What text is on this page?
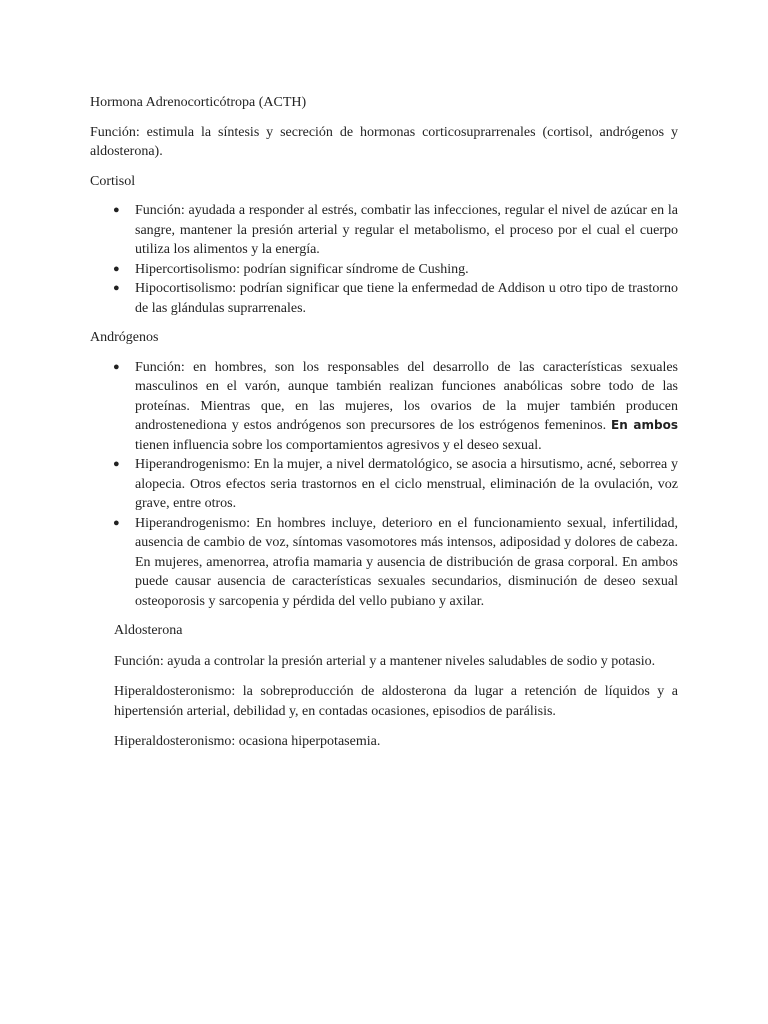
Hormona Adrenocorticótropa (ACTH)

Función: estimula la síntesis y secreción de hormonas corticosuprarrenales (cortisol, andrógenos y aldosterona).

Cortisol

● Función: ayudada a responder al estrés, combatir las infecciones, regular el nivel de azúcar en la sangre, mantener la presión arterial y regular el metabolismo, el proceso por el cual el cuerpo utiliza los alimentos y la energía.
● Hipercortisolismo: podrían significar síndrome de Cushing.
● Hipocortisolismo: podrían significar que tiene la enfermedad de Addison u otro tipo de trastorno de las glándulas suprarrenales.

Andrógenos

● Función: en hombres, son los responsables del desarrollo de las características sexuales masculinos en el varón, aunque también realizan funciones anabólicas sobre todo de las proteínas. Mientras que, en las mujeres, los ovarios de la mujer también producen androstenediona y estos andrógenos son precursores de los estrógenos femeninos. En ambos tienen influencia sobre los comportamientos agresivos y el deseo sexual.
● Hiperandrogenismo: En la mujer, a nivel dermatológico, se asocia a hirsutismo, acné, seborrea y alopecia. Otros efectos seria trastornos en el ciclo menstrual, eliminación de la ovulación, voz grave, entre otros.
● Hiperandrogenismo: En hombres incluye, deterioro en el funcionamiento sexual, infertilidad, ausencia de cambio de voz, síntomas vasomotores más intensos, adiposidad y dolores de cabeza. En mujeres, amenorrea, atrofia mamaria y ausencia de distribución de grasa corporal. En ambos puede causar ausencia de características sexuales secundarios, disminución de deseo sexual osteoporosis y sarcopenia y pérdida del vello pubiano y axilar.

Aldosterona

Función: ayuda a controlar la presión arterial y a mantener niveles saludables de sodio y potasio.

Hiperaldosteronismo: la sobreproducción de aldosterona da lugar a retención de líquidos y a hipertensión arterial, debilidad y, en contadas ocasiones, episodios de parálisis.

Hiperaldosteronismo: ocasiona hiperpotasemia.
